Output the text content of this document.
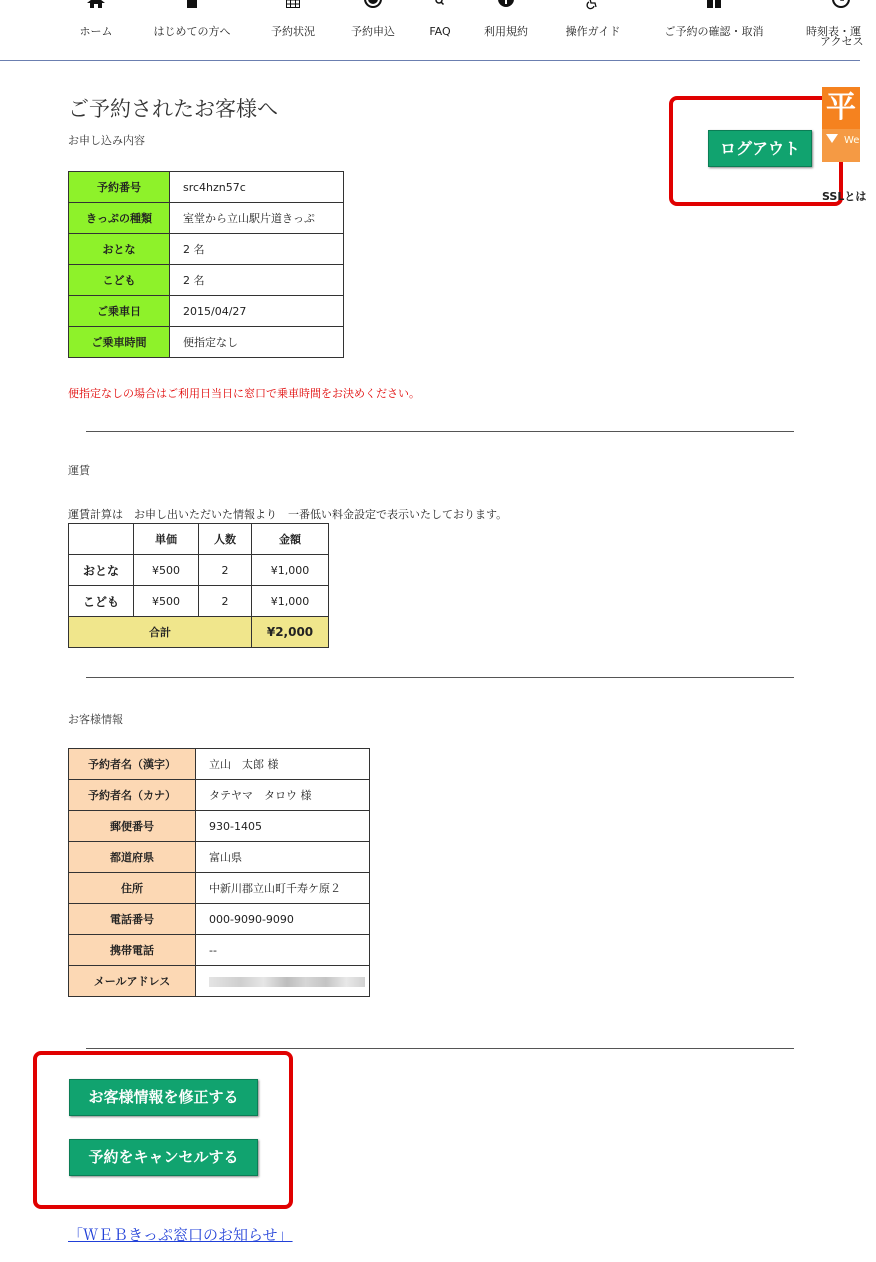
ホーム	はじめての方へ	予約状況	予約申込	FAQ	利用規約	操作ガイド	ご予約の確認・取消	時刻表・運
アクセス
ご予約されたお客様へ
お申し込み内容	ログアウト
平
We
SSLとは
予約番号	src4hzn57c
きっぷの種類	室堂から立山駅片道きっぷ
おとな	2 名
こども	2 名
ご乗車日	2015/04/27
ご乗車時間	便指定なし
便指定なしの場合はご利用日当日に窓口で乗車時間をお決めください。
運賃
運賃計算は　お申し出いただいた情報より　一番低い料金設定で表示いたしております。
	単価	人数	金額
おとな	¥500	2	¥1,000
こども	¥500	2	¥1,000
合計			¥2,000
お客様情報
予約者名（漢字）	立山　太郎 様
予約者名（カナ）	タテヤマ　タロウ 様
郵便番号	930-1405
都道府県	富山県
住所	中新川郡立山町千寿ケ原２
電話番号	000-9090-9090
携帯電話	--
メールアドレス	
お客様情報を修正する
予約をキャンセルする
「ＷＥＢきっぷ窓口のお知らせ」
